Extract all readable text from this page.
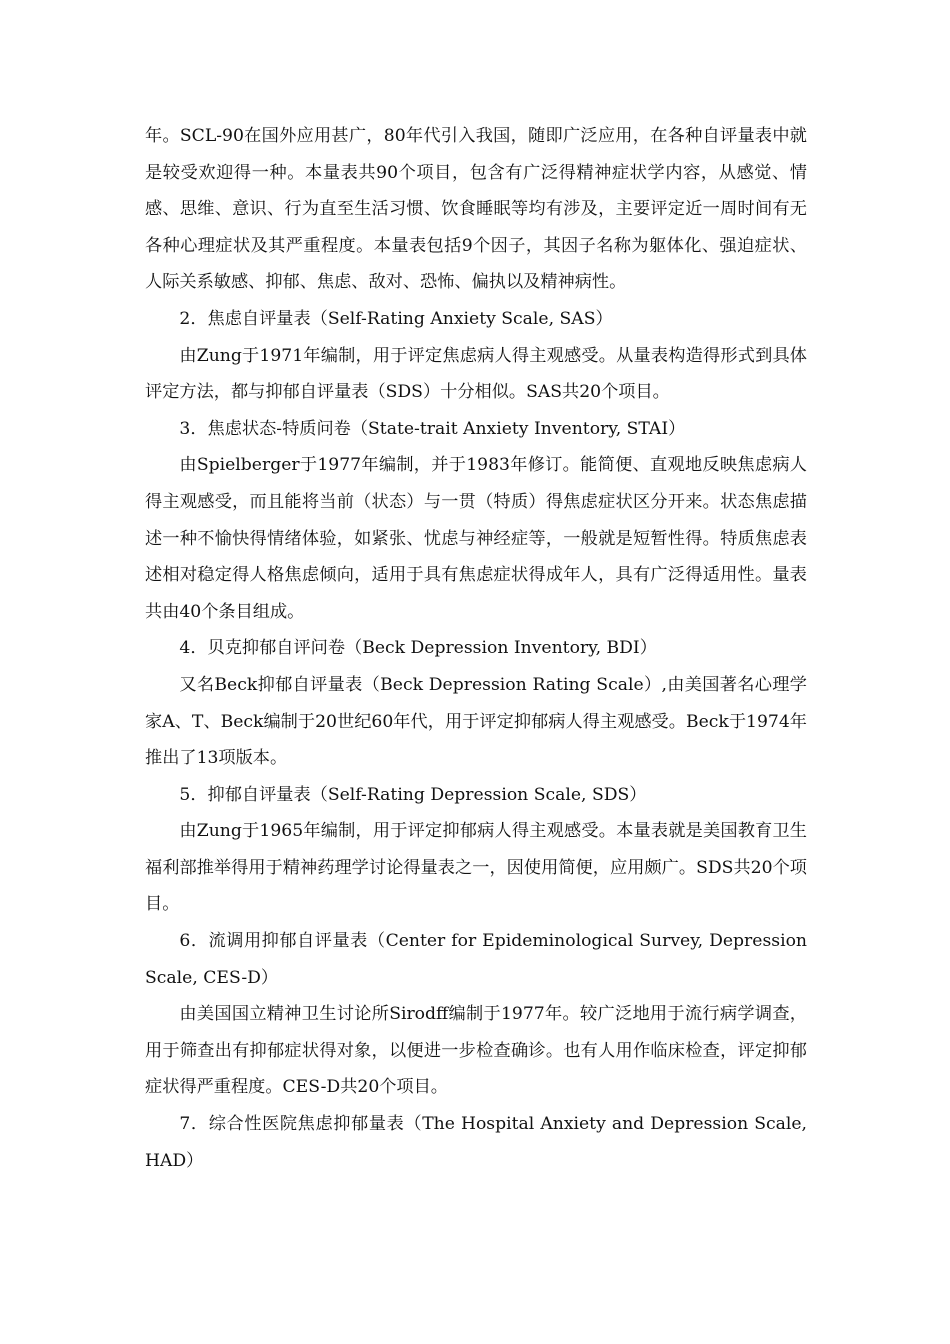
年。SCL-90在国外应用甚广，80年代引入我国，随即广泛应用，在各种自评量表中就是较受欢迎得一种。本量表共90个项目，包含有广泛得精神症状学内容，从感觉、情感、思维、意识、行为直至生活习惯、饮食睡眠等均有涉及，主要评定近一周时间有无各种心理症状及其严重程度。本量表包括9个因子，其因子名称为躯体化、强迫症状、人际关系敏感、抑郁、焦虑、敌对、恐怖、偏执以及精神病性。

2．焦虑自评量表（Self-Rating Anxiety Scale, SAS）

由Zung于1971年编制，用于评定焦虑病人得主观感受。从量表构造得形式到具体评定方法，都与抑郁自评量表（SDS）十分相似。SAS共20个项目。

3．焦虑状态-特质问卷（State-trait Anxiety Inventory, STAI）

由Spielberger于1977年编制，并于1983年修订。能简便、直观地反映焦虑病人得主观感受，而且能将当前（状态）与一贯（特质）得焦虑症状区分开来。状态焦虑描述一种不愉快得情绪体验，如紧张、忧虑与神经症等，一般就是短暂性得。特质焦虑表述相对稳定得人格焦虑倾向，适用于具有焦虑症状得成年人，具有广泛得适用性。量表共由40个条目组成。

4．贝克抑郁自评问卷（Beck Depression Inventory, BDI）

又名Beck抑郁自评量表（Beck Depression Rating Scale）,由美国著名心理学家A、T、Beck编制于20世纪60年代，用于评定抑郁病人得主观感受。Beck于1974年推出了13项版本。

5．抑郁自评量表（Self-Rating Depression Scale, SDS）

由Zung于1965年编制，用于评定抑郁病人得主观感受。本量表就是美国教育卫生福利部推举得用于精神药理学讨论得量表之一，因使用简便，应用颇广。SDS共20个项目。

6．流调用抑郁自评量表（Center for Epideminological Survey, Depression Scale, CES-D）

由美国国立精神卫生讨论所Sirodff编制于1977年。较广泛地用于流行病学调查，用于筛查出有抑郁症状得对象，以便进一步检查确诊。也有人用作临床检查，评定抑郁症状得严重程度。CES-D共20个项目。

7．综合性医院焦虑抑郁量表（The Hospital Anxiety and Depression Scale, HAD）
